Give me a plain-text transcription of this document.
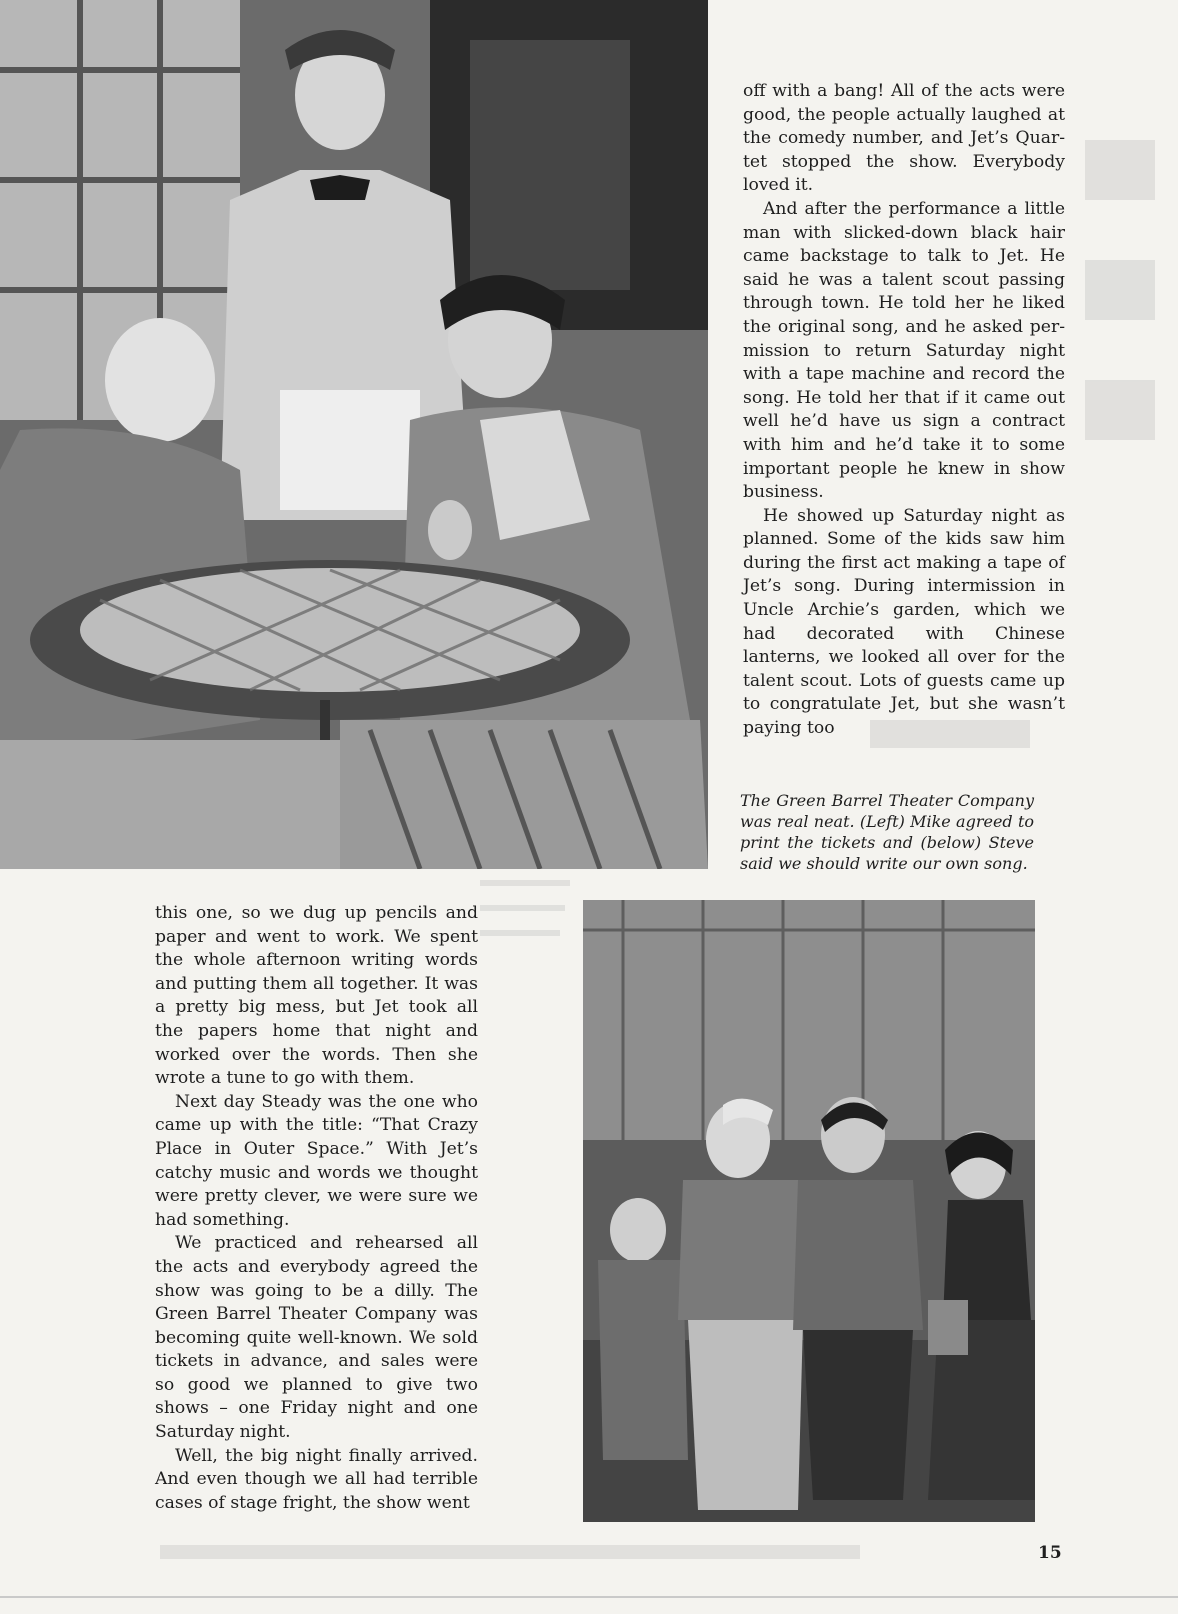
off with a bang! All of the acts were good, the people actually laughed at the comedy number, and Jet’s Quartet stopped the show. Everybody loved it.

And after the performance a little man with slicked-down black hair came backstage to talk to Jet. He said he was a talent scout passing through town. He told her he liked the original song, and he asked permission to return Saturday night with a tape machine and record the song. He told her that if it came out well he’d have us sign a contract with him and he’d take it to some important people he knew in show business.

He showed up Saturday night as planned. Some of the kids saw him during the first act making a tape of Jet’s song. During intermission in Uncle Archie’s garden, which we had decorated with Chinese lanterns, we looked all over for the talent scout. Lots of guests came up to congratulate Jet, but she wasn’t paying too

The Green Barrel Theater Company was real neat. (Left) Mike agreed to print the tickets and (below) Steve said we should write our own song.

this one, so we dug up pencils and paper and went to work. We spent the whole afternoon writing words and putting them all together. It was a pretty big mess, but Jet took all the papers home that night and worked over the words. Then she wrote a tune to go with them.

Next day Steady was the one who came up with the title: “That Crazy Place in Outer Space.” With Jet’s catchy music and words we thought were pretty clever, we were sure we had something.

We practiced and rehearsed all the acts and everybody agreed the show was going to be a dilly. The Green Barrel Theater Company was becoming quite well-known. We sold tickets in advance, and sales were so good we planned to give two shows – one Friday night and one Saturday night.

Well, the big night finally arrived. And even though we all had terrible cases of stage fright, the show went

15
